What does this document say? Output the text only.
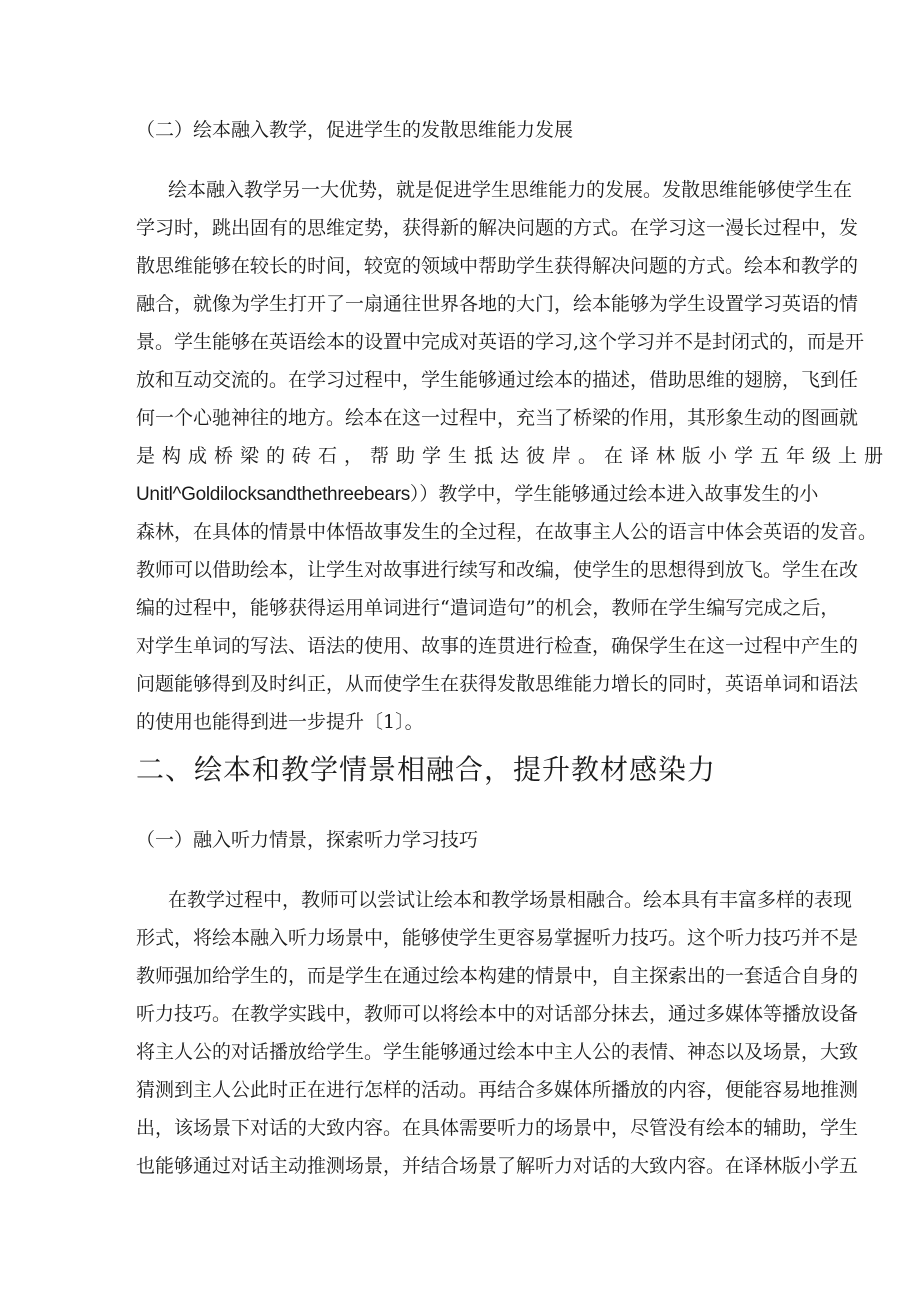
（二）绘本融入教学，促进学生的发散思维能力发展
绘本融入教学另一大优势，就是促进学生思维能力的发展。发散思维能够使学生在
学习时，跳出固有的思维定势，获得新的解决问题的方式。在学习这一漫长过程中，发
散思维能够在较长的时间，较宽的领域中帮助学生获得解决问题的方式。绘本和教学的
融合，就像为学生打开了一扇通往世界各地的大门，绘本能够为学生设置学习英语的情
景。学生能够在英语绘本的设置中完成对英语的学习,这个学习并不是封闭式的，而是开
放和互动交流的。在学习过程中，学生能够通过绘本的描述，借助思维的翅膀，飞到任
何一个心驰神往的地方。绘本在这一过程中，充当了桥梁的作用，其形象生动的图画就
是构成桥梁的砖石，帮助学生抵达彼岸。在译林版小学五年级上册
Unitl^Goldilocksandthethreebears））教学中，学生能够通过绘本进入故事发生的小
森林，在具体的情景中体悟故事发生的全过程，在故事主人公的语言中体会英语的发音。
教师可以借助绘本，让学生对故事进行续写和改编，使学生的思想得到放飞。学生在改
编的过程中，能够获得运用单词进行“遣词造句”的机会，教师在学生编写完成之后，
对学生单词的写法、语法的使用、故事的连贯进行检查，确保学生在这一过程中产生的
问题能够得到及时纠正，从而使学生在获得发散思维能力增长的同时，英语单词和语法
的使用也能得到进一步提升〔1〕。
二、绘本和教学情景相融合，提升教材感染力
（一）融入听力情景，探索听力学习技巧
在教学过程中，教师可以尝试让绘本和教学场景相融合。绘本具有丰富多样的表现
形式，将绘本融入听力场景中，能够使学生更容易掌握听力技巧。这个听力技巧并不是
教师强加给学生的，而是学生在通过绘本构建的情景中，自主探索出的一套适合自身的
听力技巧。在教学实践中，教师可以将绘本中的对话部分抹去，通过多媒体等播放设备
将主人公的对话播放给学生。学生能够通过绘本中主人公的表情、神态以及场景，大致
猜测到主人公此时正在进行怎样的活动。再结合多媒体所播放的内容，便能容易地推测
出，该场景下对话的大致内容。在具体需要听力的场景中，尽管没有绘本的辅助，学生
也能够通过对话主动推测场景，并结合场景了解听力对话的大致内容。在译林版小学五
